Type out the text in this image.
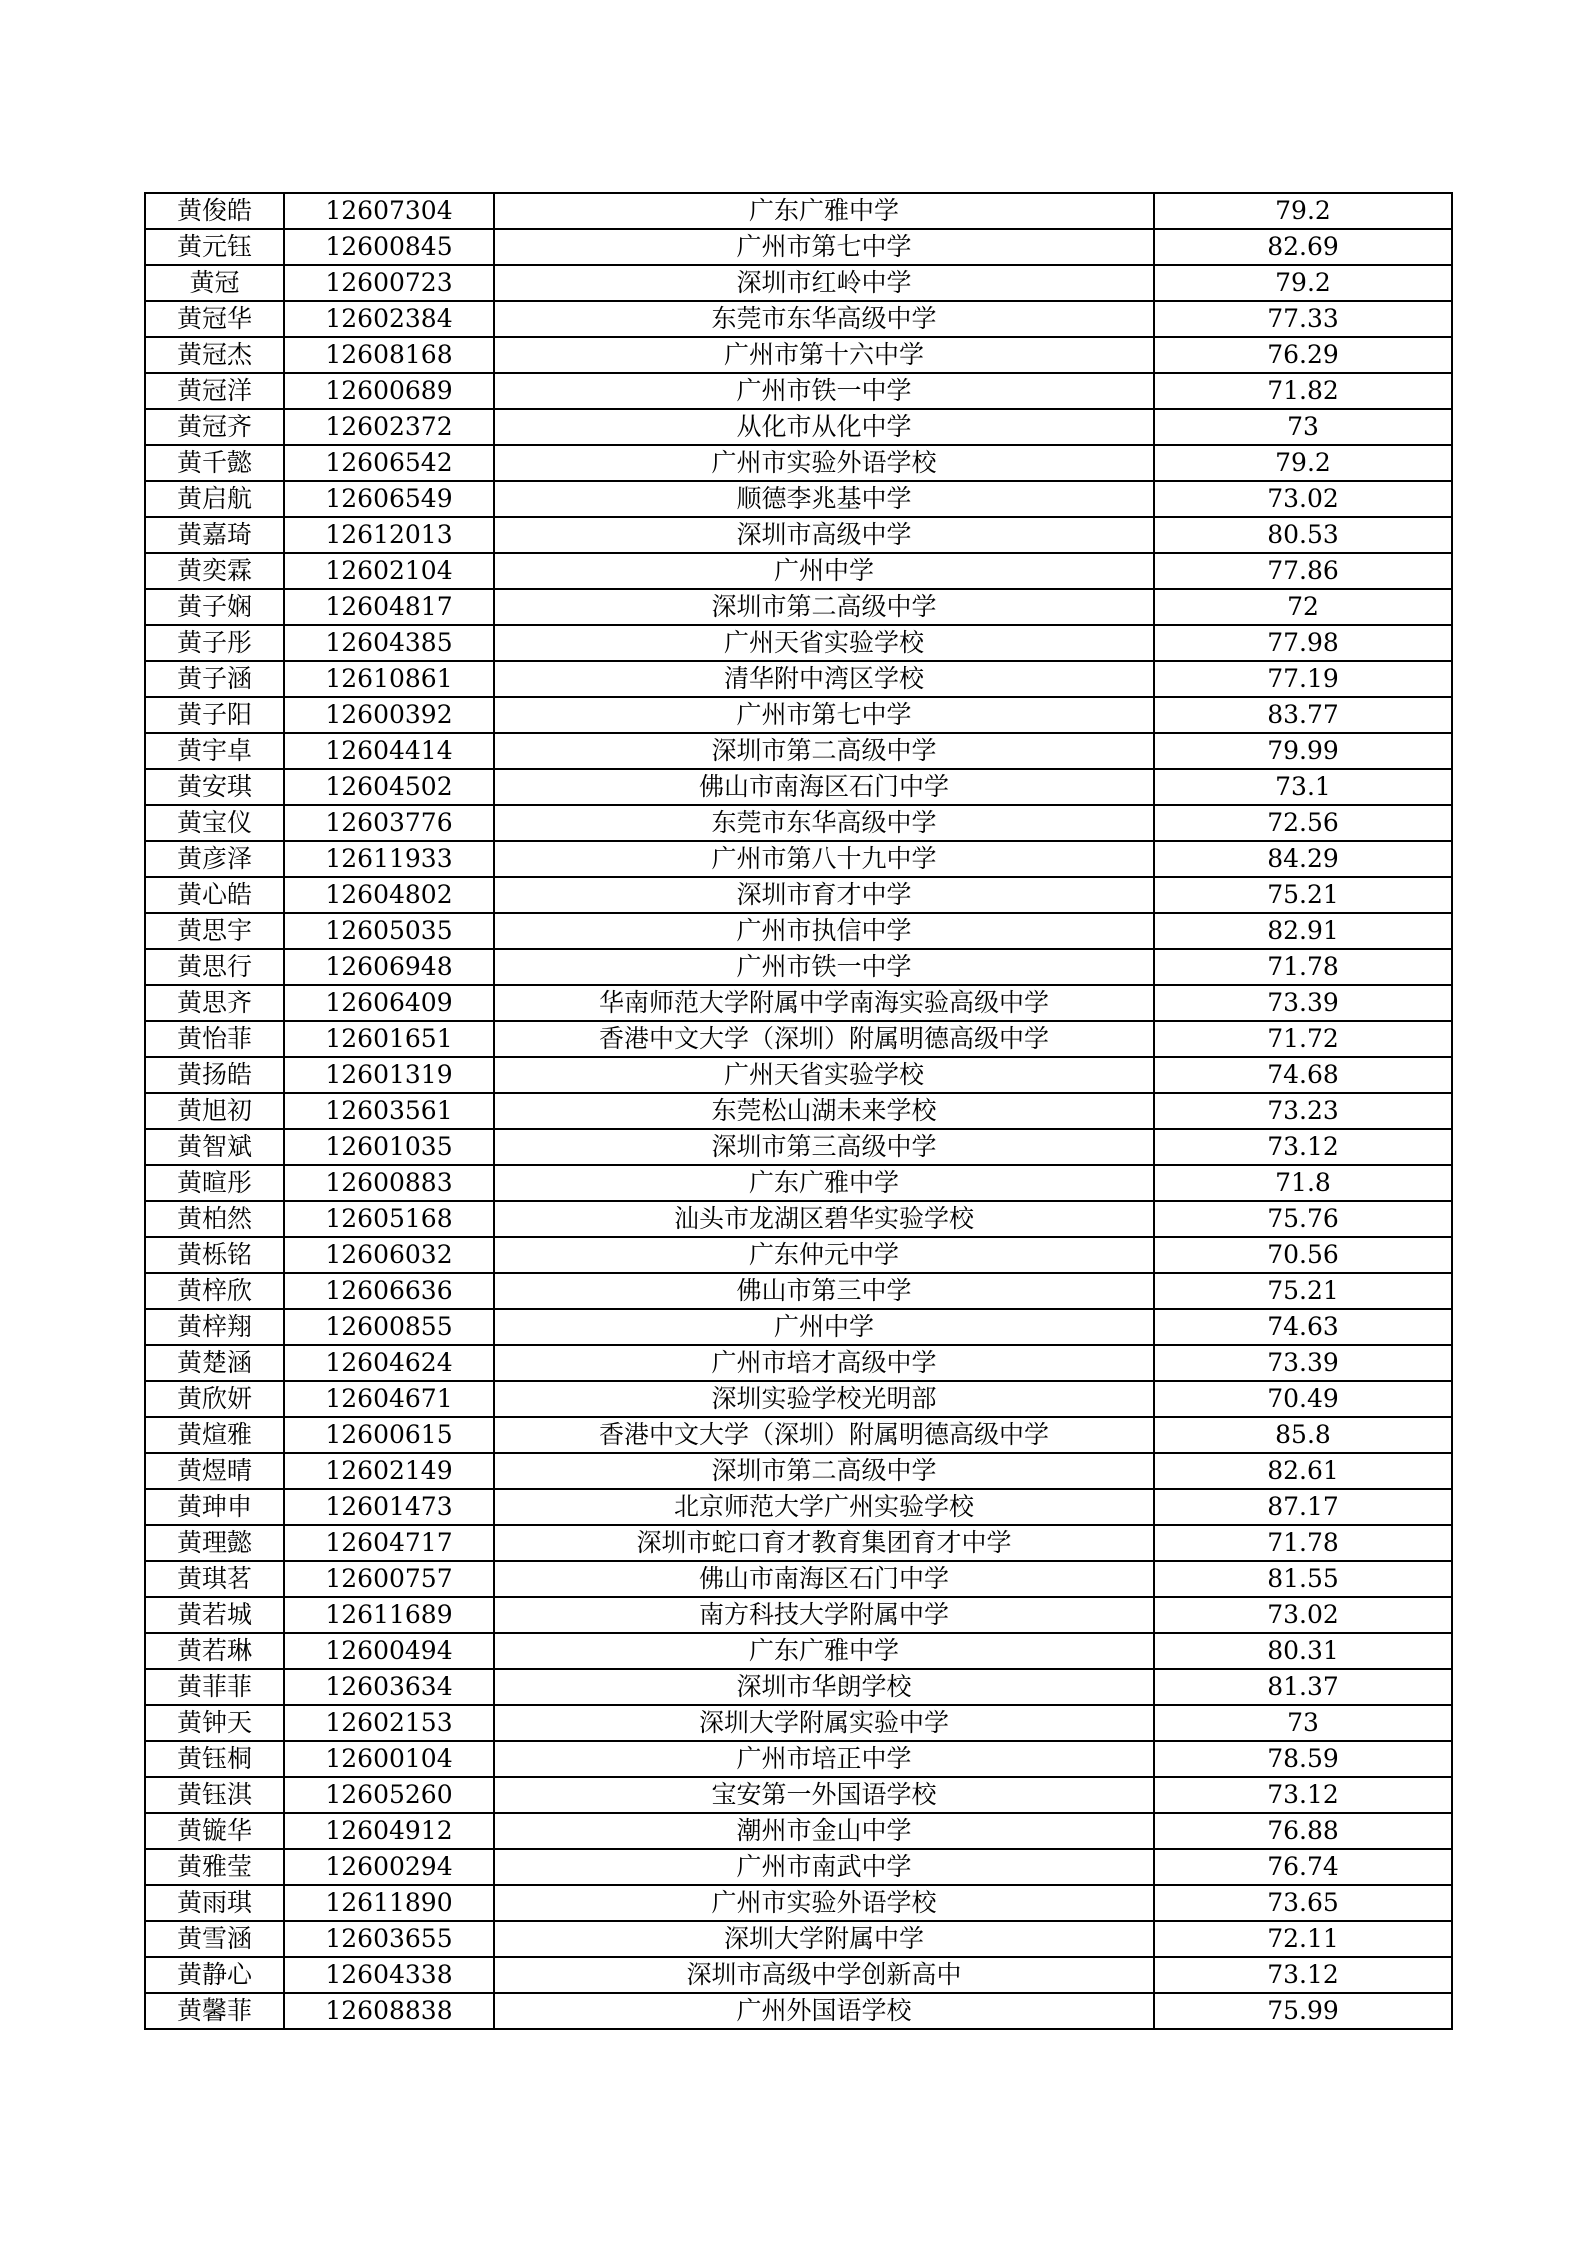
黄俊皓	12607304	广东广雅中学	79.2
黄元钰	12600845	广州市第七中学	82.69
黄冠	12600723	深圳市红岭中学	79.2
黄冠华	12602384	东莞市东华高级中学	77.33
黄冠杰	12608168	广州市第十六中学	76.29
黄冠洋	12600689	广州市铁一中学	71.82
黄冠齐	12602372	从化市从化中学	73
黄千懿	12606542	广州市实验外语学校	79.2
黄启航	12606549	顺德李兆基中学	73.02
黄嘉琦	12612013	深圳市高级中学	80.53
黄奕霖	12602104	广州中学	77.86
黄子娴	12604817	深圳市第二高级中学	72
黄子彤	12604385	广州天省实验学校	77.98
黄子涵	12610861	清华附中湾区学校	77.19
黄子阳	12600392	广州市第七中学	83.77
黄宇卓	12604414	深圳市第二高级中学	79.99
黄安琪	12604502	佛山市南海区石门中学	73.1
黄宝仪	12603776	东莞市东华高级中学	72.56
黄彦泽	12611933	广州市第八十九中学	84.29
黄心皓	12604802	深圳市育才中学	75.21
黄思宇	12605035	广州市执信中学	82.91
黄思行	12606948	广州市铁一中学	71.78
黄思齐	12606409	华南师范大学附属中学南海实验高级中学	73.39
黄怡菲	12601651	香港中文大学（深圳）附属明德高级中学	71.72
黄扬皓	12601319	广州天省实验学校	74.68
黄旭初	12603561	东莞松山湖未来学校	73.23
黄智斌	12601035	深圳市第三高级中学	73.12
黄暄彤	12600883	广东广雅中学	71.8
黄柏然	12605168	汕头市龙湖区碧华实验学校	75.76
黄栎铭	12606032	广东仲元中学	70.56
黄梓欣	12606636	佛山市第三中学	75.21
黄梓翔	12600855	广州中学	74.63
黄楚涵	12604624	广州市培才高级中学	73.39
黄欣妍	12604671	深圳实验学校光明部	70.49
黄煊雅	12600615	香港中文大学（深圳）附属明德高级中学	85.8
黄煜晴	12602149	深圳市第二高级中学	82.61
黄珅申	12601473	北京师范大学广州实验学校	87.17
黄理懿	12604717	深圳市蛇口育才教育集团育才中学	71.78
黄琪茗	12600757	佛山市南海区石门中学	81.55
黄若城	12611689	南方科技大学附属中学	73.02
黄若琳	12600494	广东广雅中学	80.31
黄菲菲	12603634	深圳市华朗学校	81.37
黄钟天	12602153	深圳大学附属实验中学	73
黄钰桐	12600104	广州市培正中学	78.59
黄钰淇	12605260	宝安第一外国语学校	73.12
黄镟华	12604912	潮州市金山中学	76.88
黄雅莹	12600294	广州市南武中学	76.74
黄雨琪	12611890	广州市实验外语学校	73.65
黄雪涵	12603655	深圳大学附属中学	72.11
黄静心	12604338	深圳市高级中学创新高中	73.12
黄馨菲	12608838	广州外国语学校	75.99
